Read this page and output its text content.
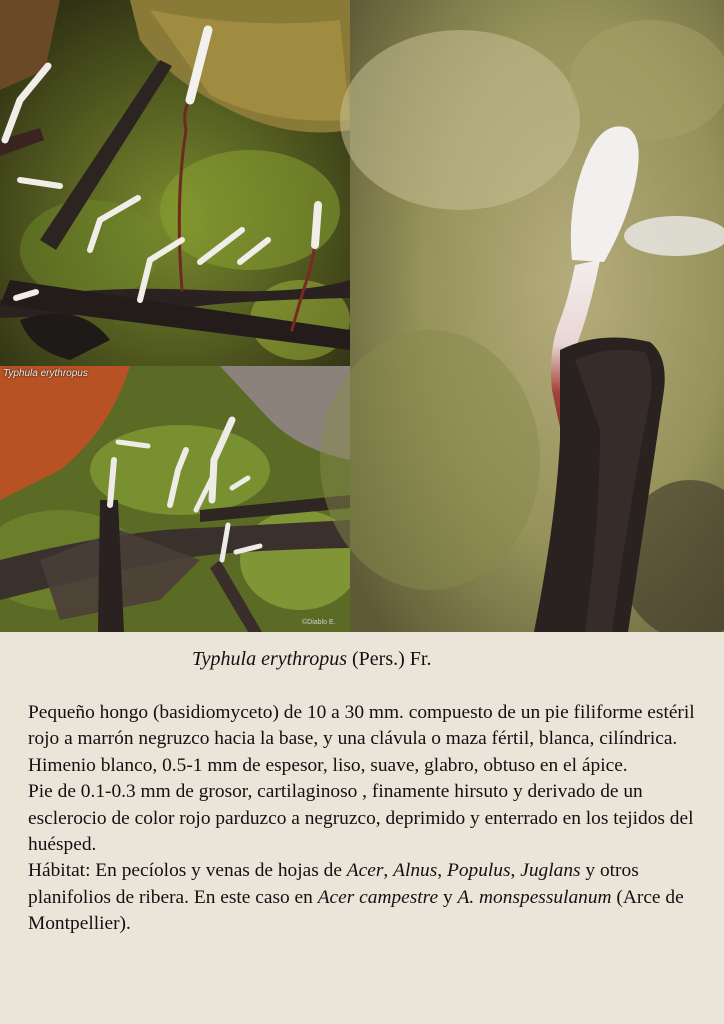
Typhula erythropus
©Diablo E.
Typhula erythropus (Pers.) Fr.

Pequeño hongo (basidiomyceto) de 10 a 30 mm. compuesto de un pie filiforme estéril rojo a marrón negruzco hacia la base, y una clávula o maza fértil, blanca, cilíndrica.

Himenio blanco, 0.5-1 mm de espesor, liso, suave, glabro, obtuso en el ápice.

Pie de 0.1-0.3 mm de grosor, cartilaginoso , finamente hirsuto y derivado de un esclerocio de color rojo parduzco a negruzco, deprimido y enterrado en los tejidos del huésped.

Hábitat: En pecíolos y venas de hojas de Acer, Alnus, Populus, Juglans y otros planifolios de ribera. En este caso en Acer campestre y A. monspessulanum (Arce de Montpellier).
